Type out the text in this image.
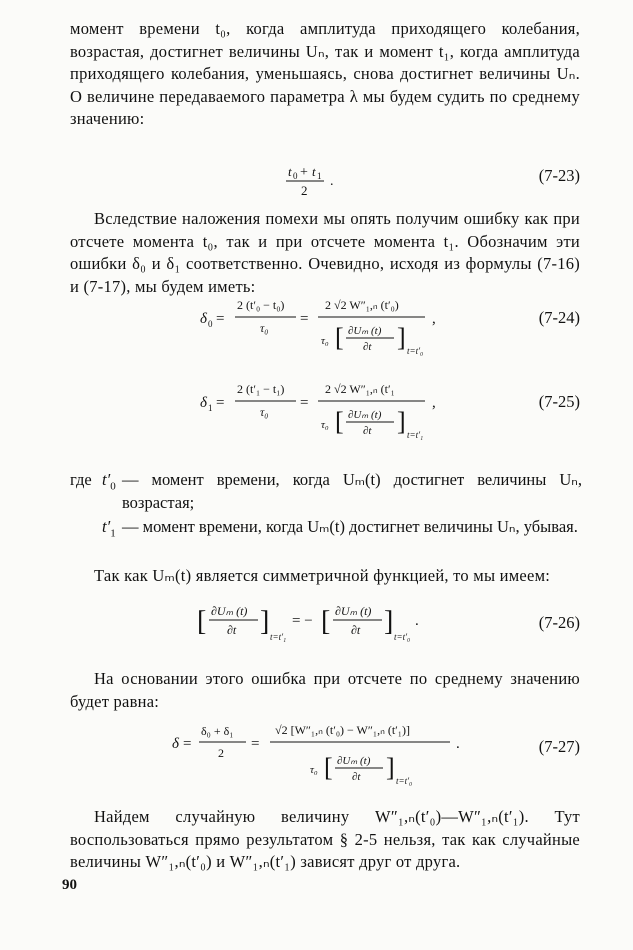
момент времени t₀, когда амплитуда приходящего колебания, возрастая, достигнет величины Uₙ, так и момент t₁, когда амплитуда приходящего колебания, уменьшаясь, снова достигнет величины Uₙ. О величине передаваемого параметра λ мы будем судить по среднему значению:
t 0 + t 1
2
.	(7-23)
Вследствие наложения помехи мы опять получим ошибку как при отсчете момента t₀, так и при отсчете момента t₁. Обозначим эти ошибки δ₀ и δ₁ соответственно. Очевидно, исходя из формулы (7-16) и (7-17), мы будем иметь:
δ 0 =
2 (t′₀ − t₀)
τ₀
=
2 √2 W″₁,ₙ (t′₀)
τ₀ [ ∂Uₘ (t)
∂t ] t=t′₀
,	(7-24)
δ 1 =
2 (t′₁ − t₁)
τ₀
=
2 √2 W″₁,ₙ (t′₁
τ₀ [ ∂Uₘ (t)
∂t ] t=t′₁
,	(7-25)
где $t'_0$ — момент времени, когда Uₘ(t) достигнет величины Uₙ, возрастая;
$t'_1$ — момент времени, когда Uₘ(t) достигнет величины Uₙ, убывая.
Так как Uₘ(t) является симметричной функцией, то мы имеем:
[ ∂Uₘ (t)
∂t ] t=t′₁
= − [ ∂Uₘ (t)
∂t ] t=t′₀
.	(7-26)
На основании этого ошибка при отсчете по среднему значению будет равна:
δ =
δ₀ + δ₁
2
=
√2 [W″₁,ₙ (t′₀) − W″₁,ₙ (t′₁)]
τ₀ [ ∂Uₘ (t)
∂t ] t=t′₀
.	(7-27)
Найдем случайную величину W″₁,ₙ(t′₀)—W″₁,ₙ(t′₁). Тут воспользоваться прямо результатом § 2-5 нельзя, так как случайные величины W″₁,ₙ(t′₀) и W″₁,ₙ(t′₁) зависят друг от друга.
90
